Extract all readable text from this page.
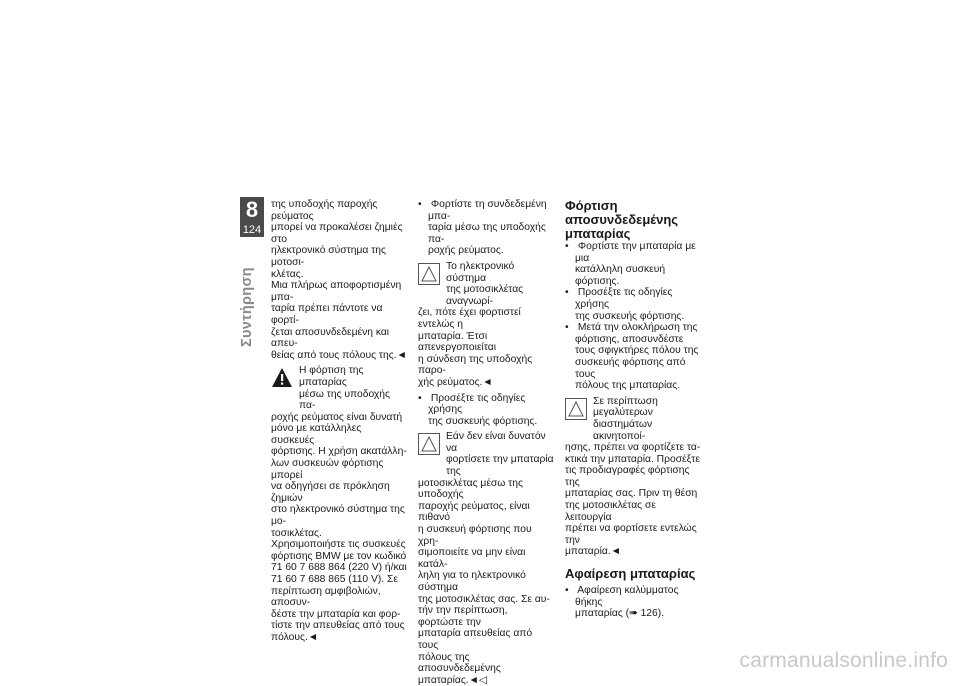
8
124
Συντήρηση

της υποδοχής παροχής ρεύματος
μπορεί να προκαλέσει ζημιές στο
ηλεκτρονικό σύστημα της μοτοσι-
κλέτας.

Μια πλήρως αποφορτισμένη μπα-
ταρία πρέπει πάντοτε να φορτί-
ζεται αποσυνδεδεμένη και απευ-
θείας από τους πόλους της.◄

Η φόρτιση της μπαταρίας
μέσω της υποδοχής πα-

ροχής ρεύματος είναι δυνατή
μόνο με κατάλληλες συσκευές
φόρτισης. Η χρήση ακατάλλη-
λων συσκευών φόρτισης μπορεί
να οδηγήσει σε πρόκληση ζημιών
στο ηλεκτρονικό σύστημα της μο-
τοσικλέτας.

Χρησιμοποιήστε τις συσκευές
φόρτισης BMW με τον κωδικό
71 60 7 688 864 (220 V) ή/και
71 60 7 688 865 (110 V). Σε
περίπτωση αμφιβολιών, αποσυν-
δέστε την μπαταρία και φορ-
τίστε την απευθείας από τους
πόλους.◄

• Φορτίστε τη συνδεδεμένη μπα-
ταρία μέσω της υποδοχής πα-
ροχής ρεύματος.

Το ηλεκτρονικό σύστημα
της μοτοσικλέτας αναγνωρί-

ζει, πότε έχει φορτιστεί εντελώς η
μπαταρία. Έτσι απενεργοποιείται
η σύνδεση της υποδοχής παρο-
χής ρεύματος.◄

• Προσέξτε τις οδηγίες χρήσης
της συσκευής φόρτισης.

Εάν δεν είναι δυνατόν να
φορτίσετε την μπαταρία της

μοτοσικλέτας μέσω της υποδοχής
παροχής ρεύματος, είναι πιθανό
η συσκευή φόρτισης που χρη-
σιμοποιείτε να μην είναι κατάλ-
ληλη για το ηλεκτρονικό σύστημα
της μοτοσικλέτας σας. Σε αυ-
τήν την περίπτωση, φορτώστε την
μπαταρία απευθείας από τους
πόλους της αποσυνδεδεμένης
μπαταρίας.◄◁

Φόρτιση
αποσυνδεδεμένης
μπαταρίας

• Φορτίστε την μπαταρία με μια
κατάλληλη συσκευή φόρτισης.

• Προσέξτε τις οδηγίες χρήσης
της συσκευής φόρτισης.

• Μετά την ολοκλήρωση της
φόρτισης, αποσυνδέστε
τους σφιγκτήρες πόλου της
συσκευής φόρτισης από τους
πόλους της μπαταρίας.

Σε περίπτωση μεγαλύτερων
διαστημάτων ακινητοποί-

ησης, πρέπει να φορτίζετε τα-
κτικά την μπαταρία. Προσέξτε
τις προδιαγραφές φόρτισης της
μπαταρίας σας. Πριν τη θέση
της μοτοσικλέτας σε λειτουργία
πρέπει να φορτίσετε εντελώς την
μπαταρία.◄

Αφαίρεση μπαταρίας

• Αφαίρεση καλύμματος θήκης
μπαταρίας (➠ 126).

carmanualsonline.info
